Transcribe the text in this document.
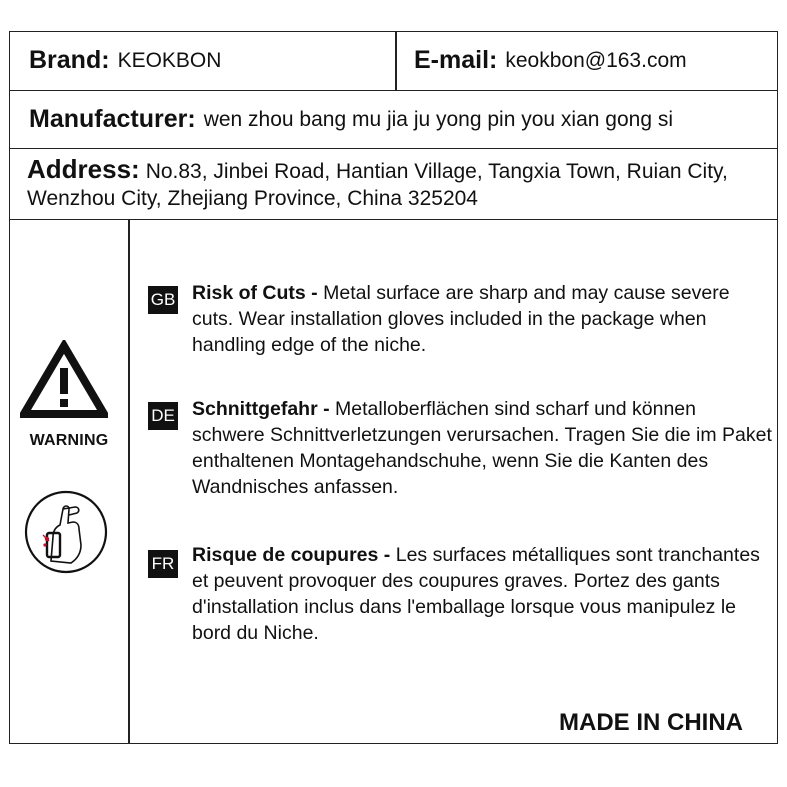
Brand: KEOKBON	E-mail: keokbon@163.com
Manufacturer: wen zhou bang mu jia ju yong pin you xian gong si
Address: No.83, Jinbei Road, Hantian Village, Tangxia Town, Ruian City, Wenzhou City, Zhejiang Province, China 325204
WARNING
GB Risk of Cuts - Metal surface are sharp and may cause severe cuts. Wear installation gloves included in the package when handling edge of the niche.
DE Schnittgefahr - Metalloberflächen sind scharf und können schwere Schnittverletzungen verursachen. Tragen Sie die im Paket enthaltenen Montagehandschuhe, wenn Sie die Kanten des Wandnisches anfassen.
FR Risque de coupures - Les surfaces métalliques sont tranchantes et peuvent provoquer des coupures graves. Portez des gants d'installation inclus dans l'emballage lorsque vous manipulez le bord du Niche.
MADE IN CHINA
